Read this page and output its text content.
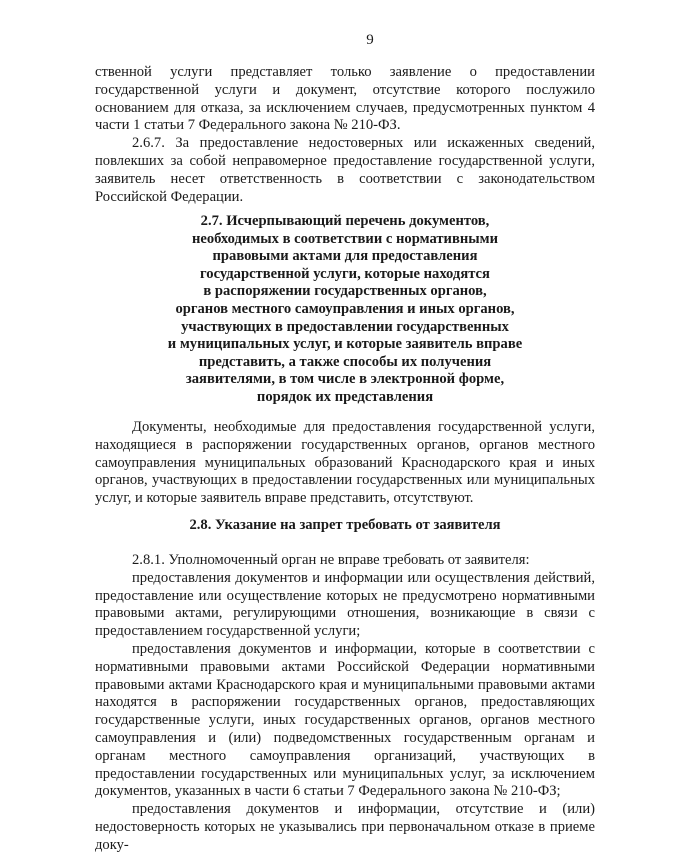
9

ственной услуги представляет только заявление о предоставлении государственной услуги и документ, отсутствие которого послужило основанием для отказа, за исключением случаев, предусмотренных пунктом 4 части 1 статьи 7 Федерального закона № 210-ФЗ.

2.6.7. За предоставление недостоверных или искаженных сведений, повлекших за собой неправомерное предоставление государственной услуги, заявитель несет ответственность в соответствии с законодательством Российской Федерации.

2.7. Исчерпывающий перечень документов,
необходимых в соответствии с нормативными
правовыми актами для предоставления
государственной услуги, которые находятся
в распоряжении государственных органов,
органов местного самоуправления и иных органов,
участвующих в предоставлении государственных
и муниципальных услуг, и которые заявитель вправе
представить, а также способы их получения
заявителями, в том числе в электронной форме,
порядок их представления

Документы, необходимые для предоставления государственной услуги, находящиеся в распоряжении государственных органов, органов местного самоуправления муниципальных образований Краснодарского края и иных органов, участвующих в предоставлении государственных или муниципальных услуг, и которые заявитель вправе представить, отсутствуют.

2.8. Указание на запрет требовать от заявителя

2.8.1. Уполномоченный орган не вправе требовать от заявителя:

предоставления документов и информации или осуществления действий, предоставление или осуществление которых не предусмотрено нормативными правовыми актами, регулирующими отношения, возникающие в связи с предоставлением государственной услуги;

предоставления документов и информации, которые в соответствии с нормативными правовыми актами Российской Федерации нормативными правовыми актами Краснодарского края и муниципальными правовыми актами находятся в распоряжении государственных органов, предоставляющих государственные услуги, иных государственных органов, органов местного самоуправления и (или) подведомственных государственным органам и органам местного самоуправления организаций, участвующих в предоставлении государственных или муниципальных услуг, за исключением документов, указанных в части 6 статьи 7 Федерального закона № 210-ФЗ;

предоставления документов и информации, отсутствие и (или) недостоверность которых не указывались при первоначальном отказе в приеме доку-
